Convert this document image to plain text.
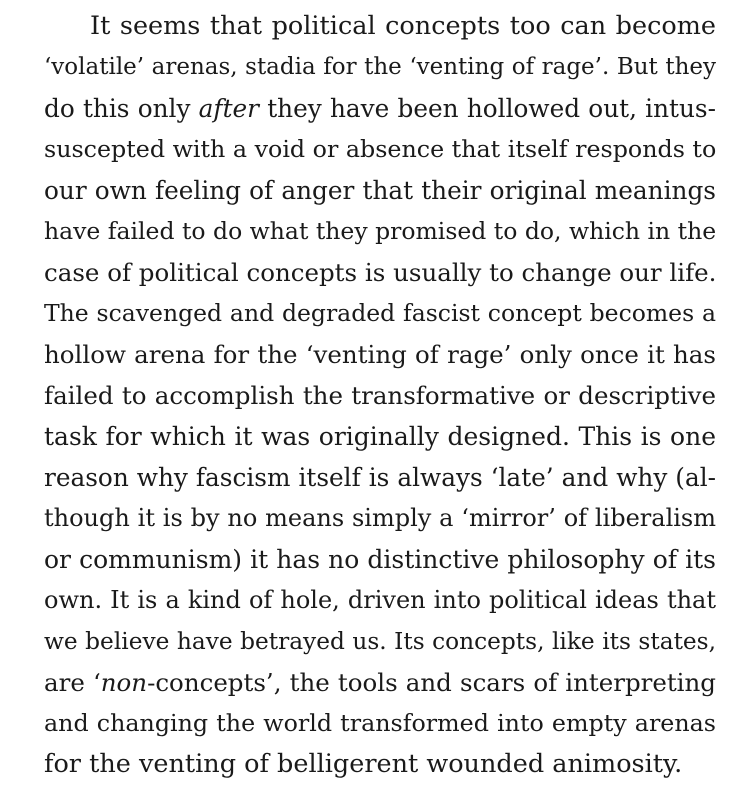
It seems that political concepts too can become
‘volatile’ arenas, stadia for the ‘venting of rage’. But they
do this only after they have been hollowed out, intus-
suscepted with a void or absence that itself responds to
our own feeling of anger that their original meanings
have failed to do what they promised to do, which in the
case of political concepts is usually to change our life.
The scavenged and degraded fascist concept becomes a
hollow arena for the ‘venting of rage’ only once it has
failed to accomplish the transformative or descriptive
task for which it was originally designed. This is one
reason why fascism itself is always ‘late’ and why (al-
though it is by no means simply a ‘mirror’ of liberalism
or communism) it has no distinctive philosophy of its
own. It is a kind of hole, driven into political ideas that
we believe have betrayed us. Its concepts, like its states,
are ‘non-concepts’, the tools and scars of interpreting
and changing the world transformed into empty arenas
for the venting of belligerent wounded animosity.
